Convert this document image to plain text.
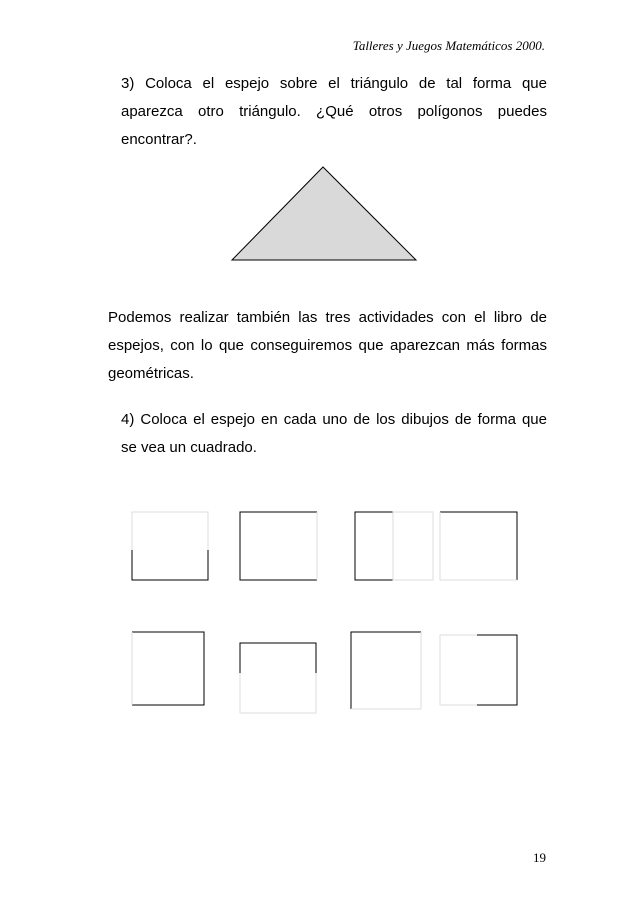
Talleres y Juegos Matemáticos 2000.
3) Coloca el espejo sobre el triángulo de tal forma que
aparezca otro triángulo. ¿Qué otros polígonos puedes
encontrar?.
Podemos realizar también las tres actividades con el libro de
espejos, con lo que conseguiremos que aparezcan más formas
geométricas.
4) Coloca el espejo en cada uno de los dibujos de forma que
se vea un cuadrado.
19
